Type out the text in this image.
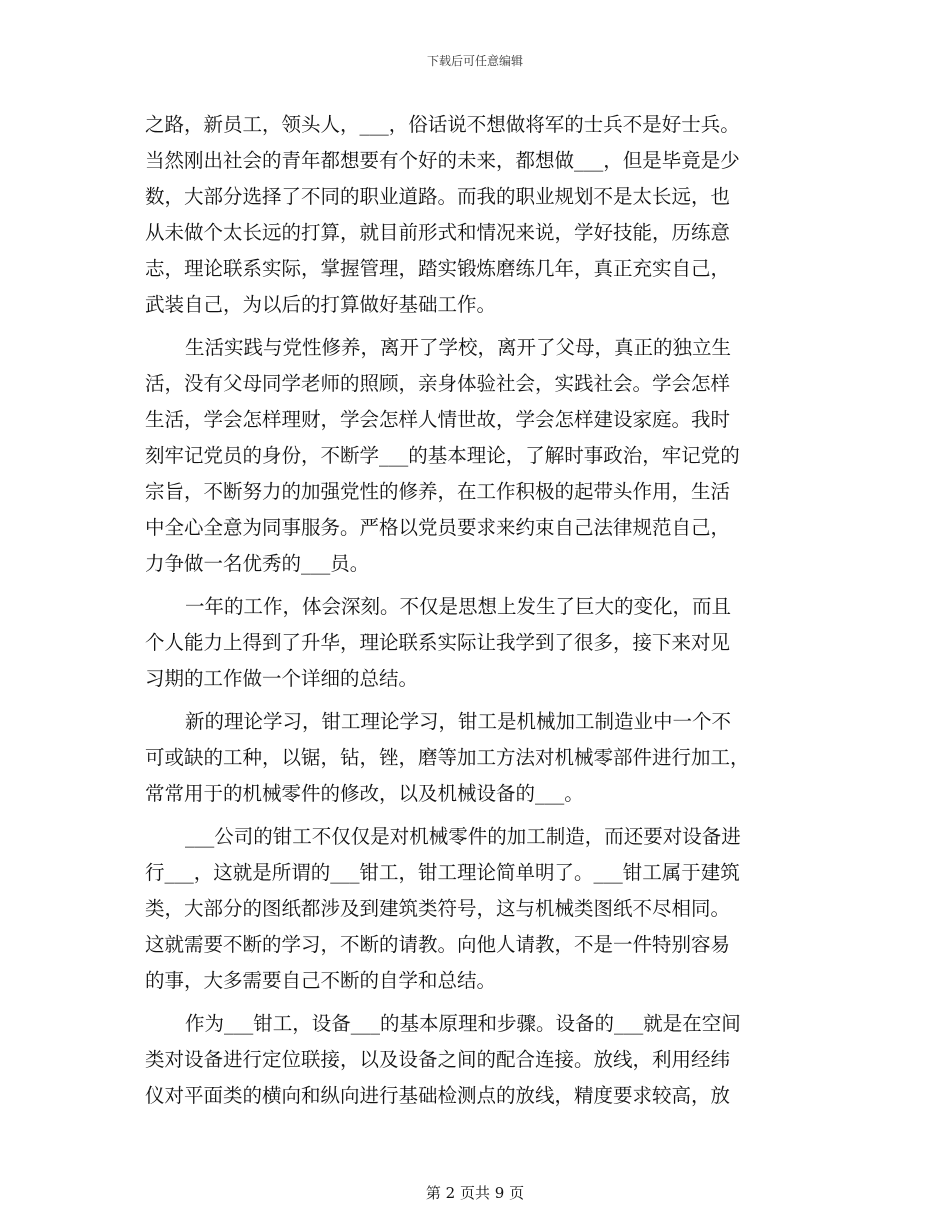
下载后可任意编辑
之路，新员工，领头人，___，俗话说不想做将军的士兵不是好士兵。
当然刚出社会的青年都想要有个好的未来，都想做___，但是毕竟是少
数，大部分选择了不同的职业道路。而我的职业规划不是太长远，也
从未做个太长远的打算，就目前形式和情况来说，学好技能，历练意
志，理论联系实际，掌握管理，踏实锻炼磨练几年，真正充实自己，
武装自己，为以后的打算做好基础工作。
生活实践与党性修养，离开了学校，离开了父母，真正的独立生
活，没有父母同学老师的照顾，亲身体验社会，实践社会。学会怎样
生活，学会怎样理财，学会怎样人情世故，学会怎样建设家庭。我时
刻牢记党员的身份，不断学___的基本理论，了解时事政治，牢记党的
宗旨，不断努力的加强党性的修养，在工作积极的起带头作用，生活
中全心全意为同事服务。严格以党员要求来约束自己法律规范自己，
力争做一名优秀的___员。
一年的工作，体会深刻。不仅是思想上发生了巨大的变化，而且
个人能力上得到了升华，理论联系实际让我学到了很多，接下来对见
习期的工作做一个详细的总结。
新的理论学习，钳工理论学习，钳工是机械加工制造业中一个不
可或缺的工种，以锯，钻，锉，磨等加工方法对机械零部件进行加工，
常常用于的机械零件的修改，以及机械设备的___。
___公司的钳工不仅仅是对机械零件的加工制造，而还要对设备进
行___，这就是所谓的___钳工，钳工理论简单明了。___钳工属于建筑
类，大部分的图纸都涉及到建筑类符号，这与机械类图纸不尽相同。
这就需要不断的学习，不断的请教。向他人请教，不是一件特别容易
的事，大多需要自己不断的自学和总结。
作为___钳工，设备___的基本原理和步骤。设备的___就是在空间
类对设备进行定位联接，以及设备之间的配合连接。放线，利用经纬
仪对平面类的横向和纵向进行基础检测点的放线，精度要求较高，放
第 2 页共 9 页
